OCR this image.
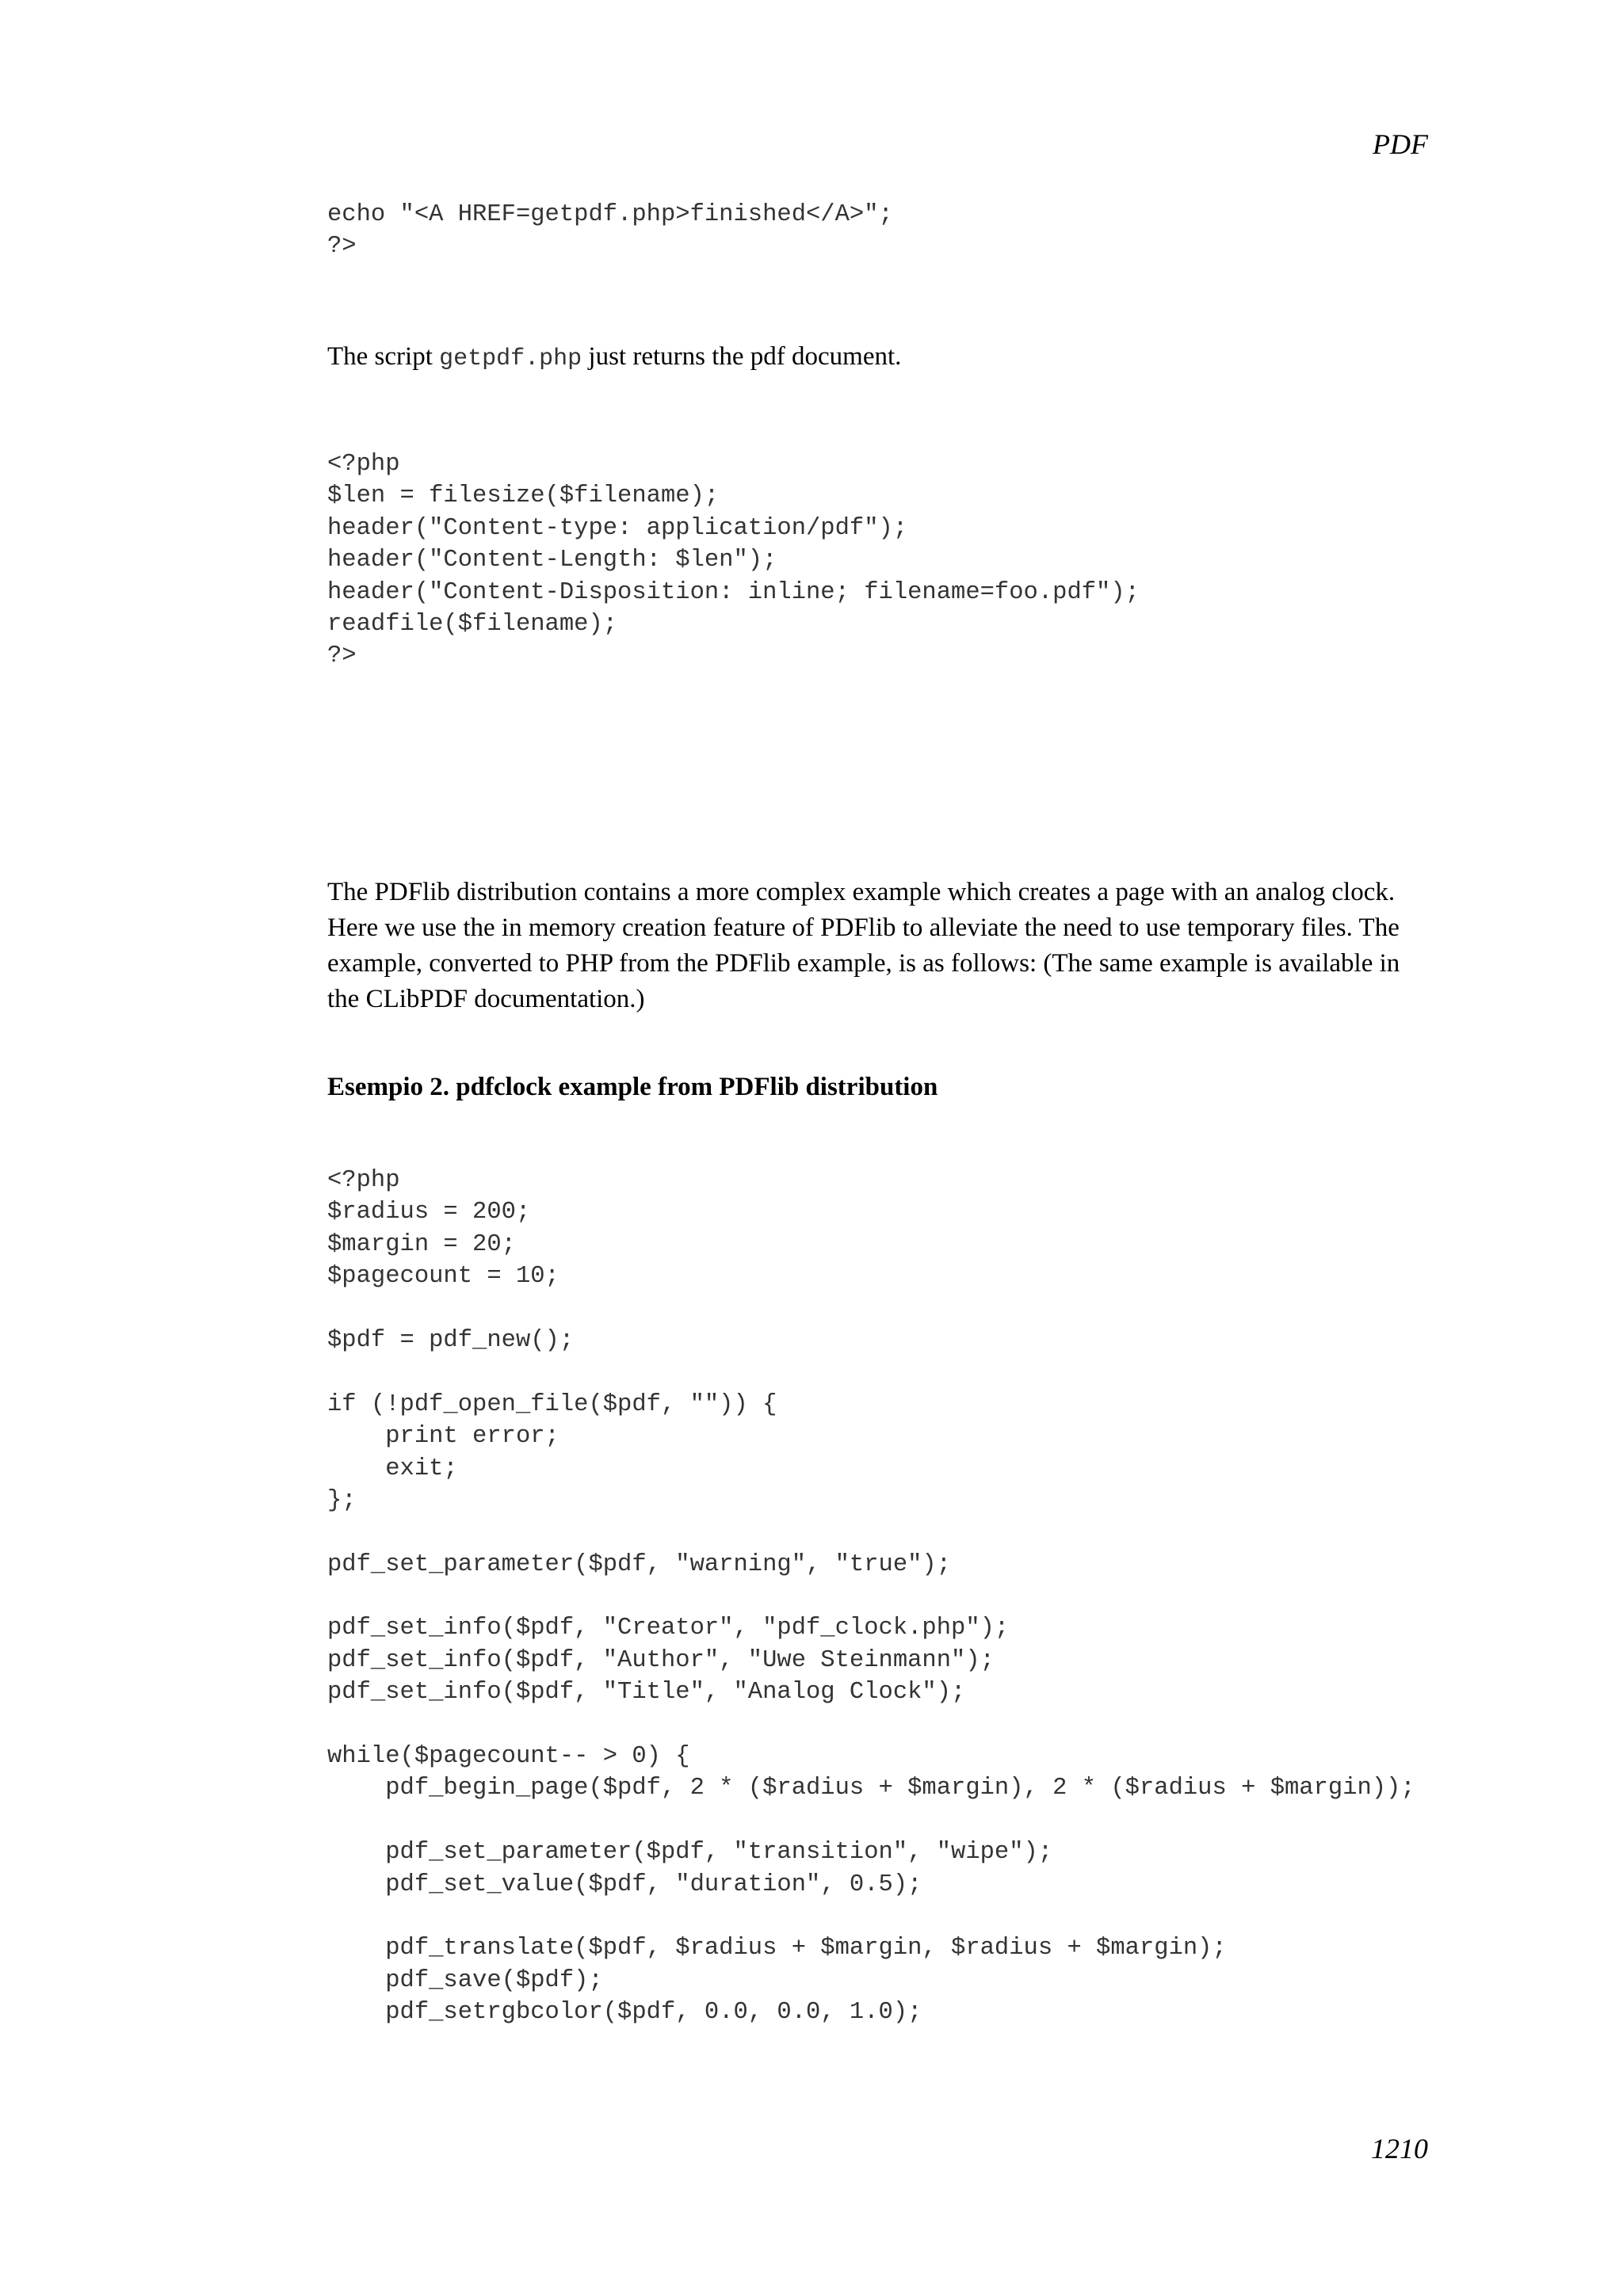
PDF
echo "<A HREF=getpdf.php>finished</A>";
?>

The script getpdf.php just returns the pdf document.

<?php
$len = filesize($filename);
header("Content-type: application/pdf");
header("Content-Length: $len");
header("Content-Disposition: inline; filename=foo.pdf");
readfile($filename);
?>

The PDFlib distribution contains a more complex example which creates a page with an analog clock. Here we use the in memory creation feature of PDFlib to alleviate the need to use temporary files. The example, converted to PHP from the PDFlib example, is as follows: (The same example is available in the CLibPDF documentation.)

Esempio 2. pdfclock example from PDFlib distribution

<?php
$radius = 200;
$margin = 20;
$pagecount = 10;
$pdf = pdf_new();
if (!pdf_open_file($pdf, "")) {
print error;
exit;
};
pdf_set_parameter($pdf, "warning", "true");
pdf_set_info($pdf, "Creator", "pdf_clock.php");
pdf_set_info($pdf, "Author", "Uwe Steinmann");
pdf_set_info($pdf, "Title", "Analog Clock");
while($pagecount-- > 0) {
pdf_begin_page($pdf, 2 * ($radius + $margin), 2 * ($radius + $margin));
pdf_set_parameter($pdf, "transition", "wipe");
pdf_set_value($pdf, "duration", 0.5);
pdf_translate($pdf, $radius + $margin, $radius + $margin);
pdf_save($pdf);
pdf_setrgbcolor($pdf, 0.0, 0.0, 1.0);
1210
